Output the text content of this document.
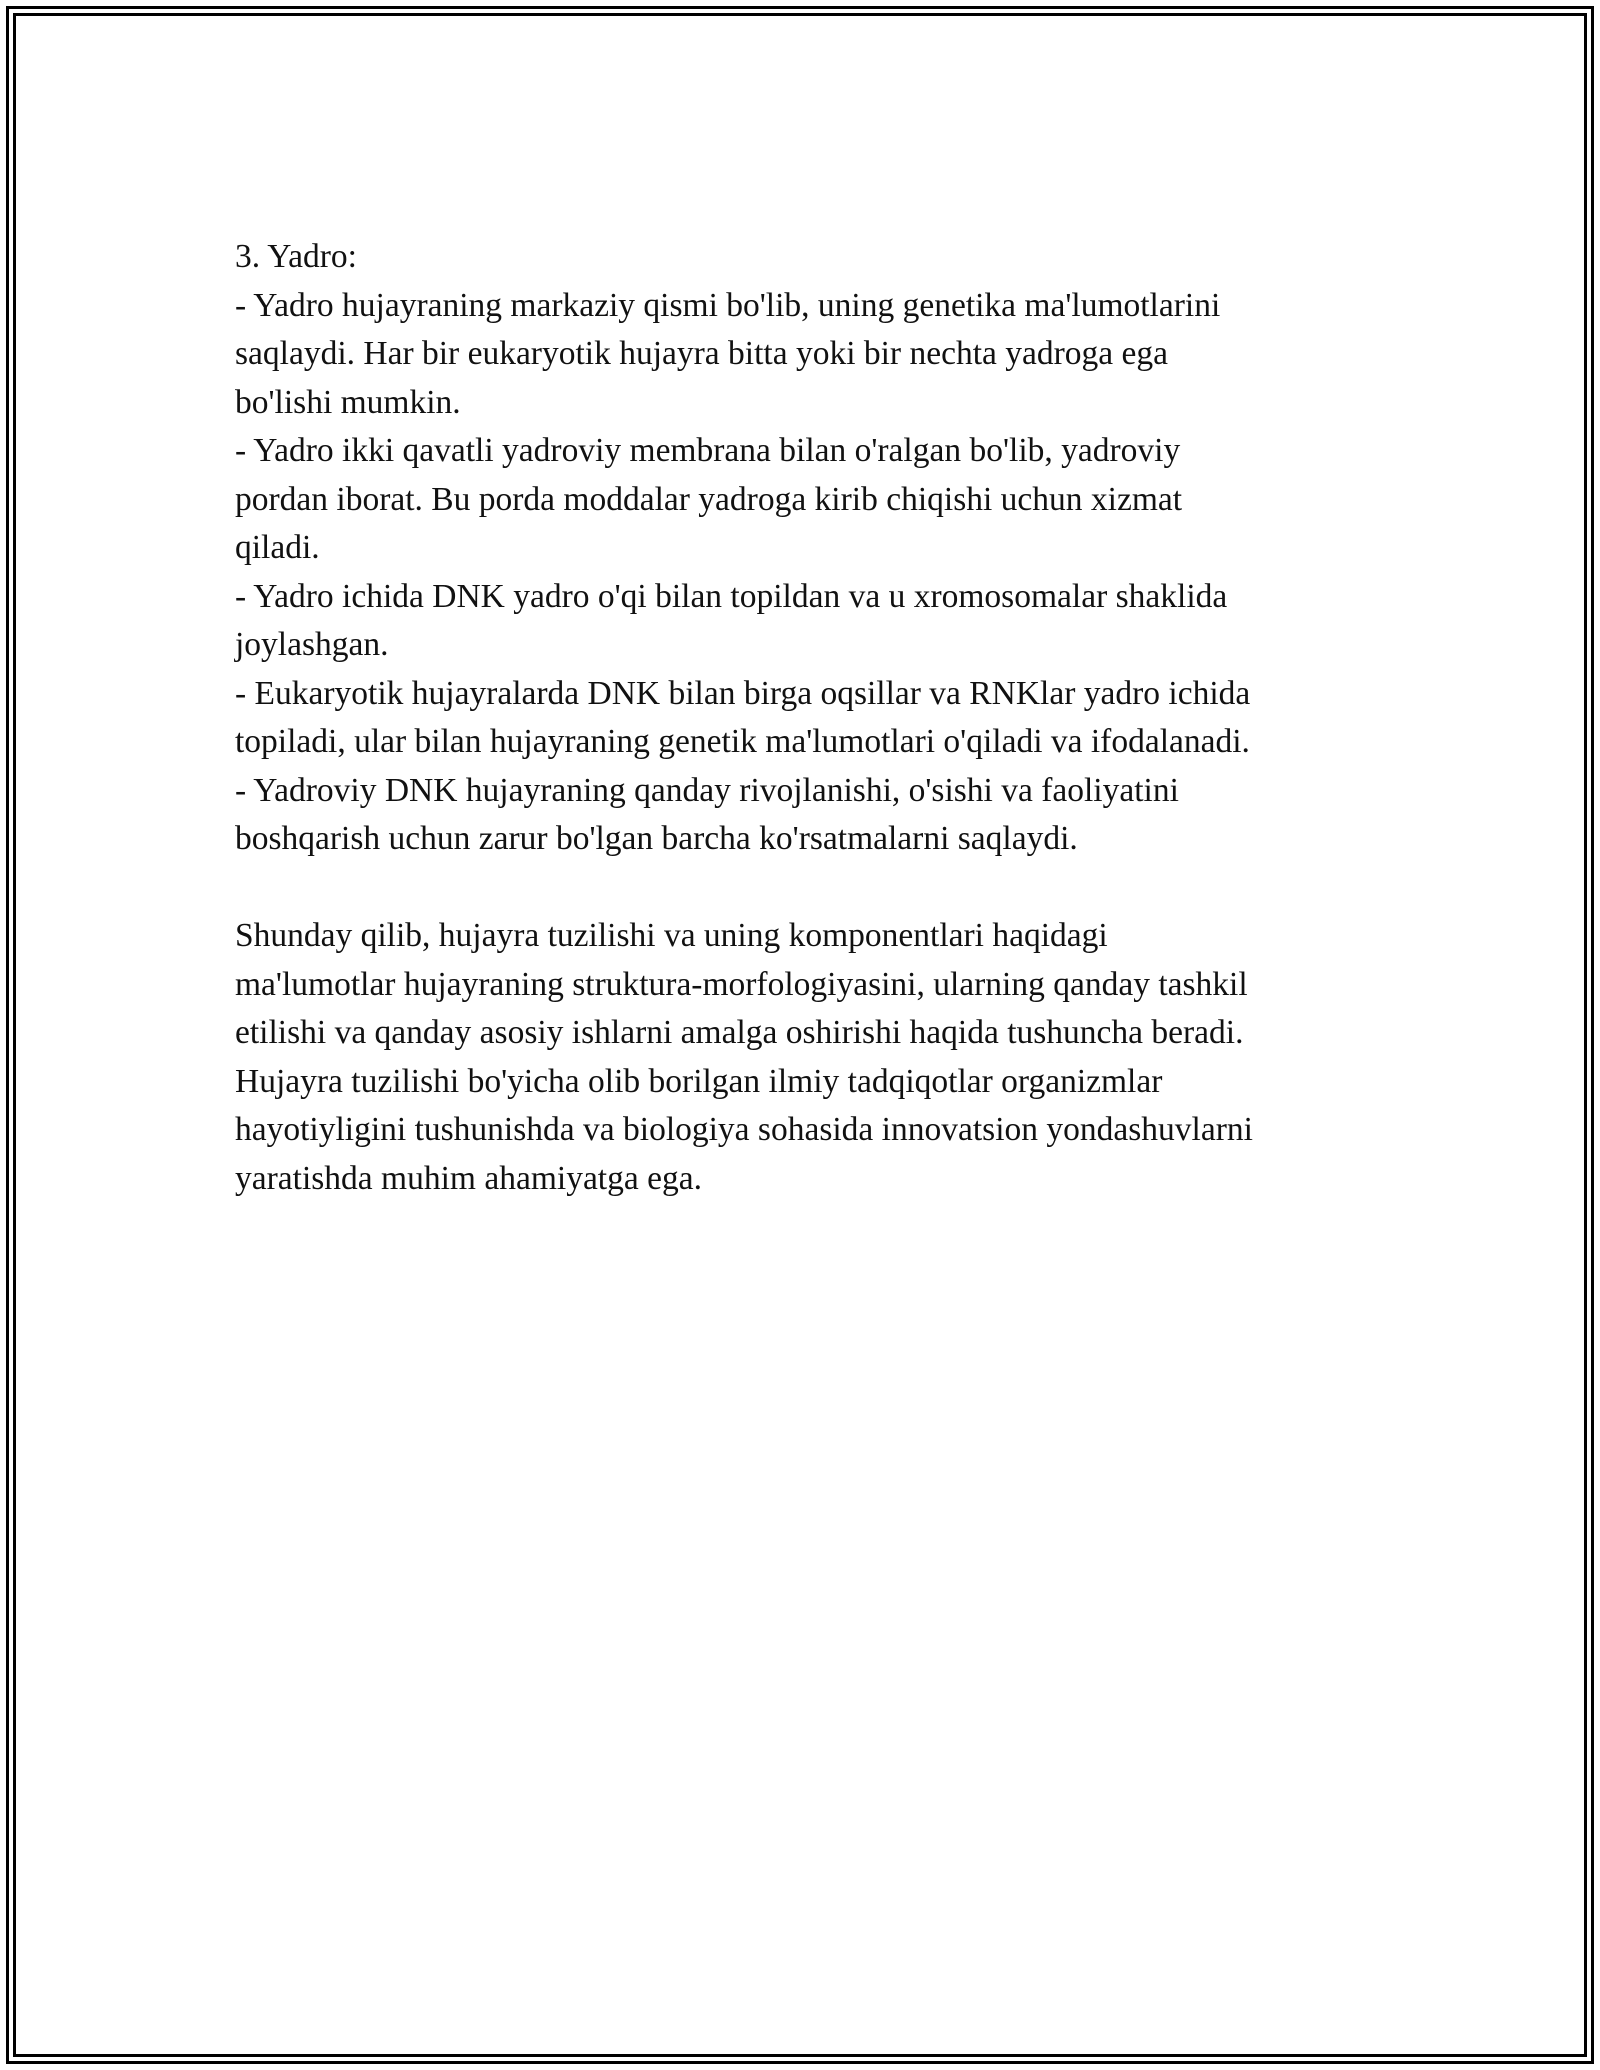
3. Yadro:
- Yadro hujayraning markaziy qismi bo'lib, uning genetika ma'lumotlarini
saqlaydi. Har bir eukaryotik hujayra bitta yoki bir nechta yadroga ega
bo'lishi mumkin.
- Yadro ikki qavatli yadroviy membrana bilan o'ralgan bo'lib, yadroviy
pordan iborat. Bu porda moddalar yadroga kirib chiqishi uchun xizmat
qiladi.
- Yadro ichida DNK yadro o'qi bilan topildan va u xromosomalar shaklida
joylashgan.
- Eukaryotik hujayralarda DNK bilan birga oqsillar va RNKlar yadro ichida
topiladi, ular bilan hujayraning genetik ma'lumotlari o'qiladi va ifodalanadi.
- Yadroviy DNK hujayraning qanday rivojlanishi, o'sishi va faoliyatini
boshqarish uchun zarur bo'lgan barcha ko'rsatmalarni saqlaydi.
Shunday qilib, hujayra tuzilishi va uning komponentlari haqidagi
ma'lumotlar hujayraning struktura-morfologiyasini, ularning qanday tashkil
etilishi va qanday asosiy ishlarni amalga oshirishi haqida tushuncha beradi.
Hujayra tuzilishi bo'yicha olib borilgan ilmiy tadqiqotlar organizmlar
hayotiyligini tushunishda va biologiya sohasida innovatsion yondashuvlarni
yaratishda muhim ahamiyatga ega.
